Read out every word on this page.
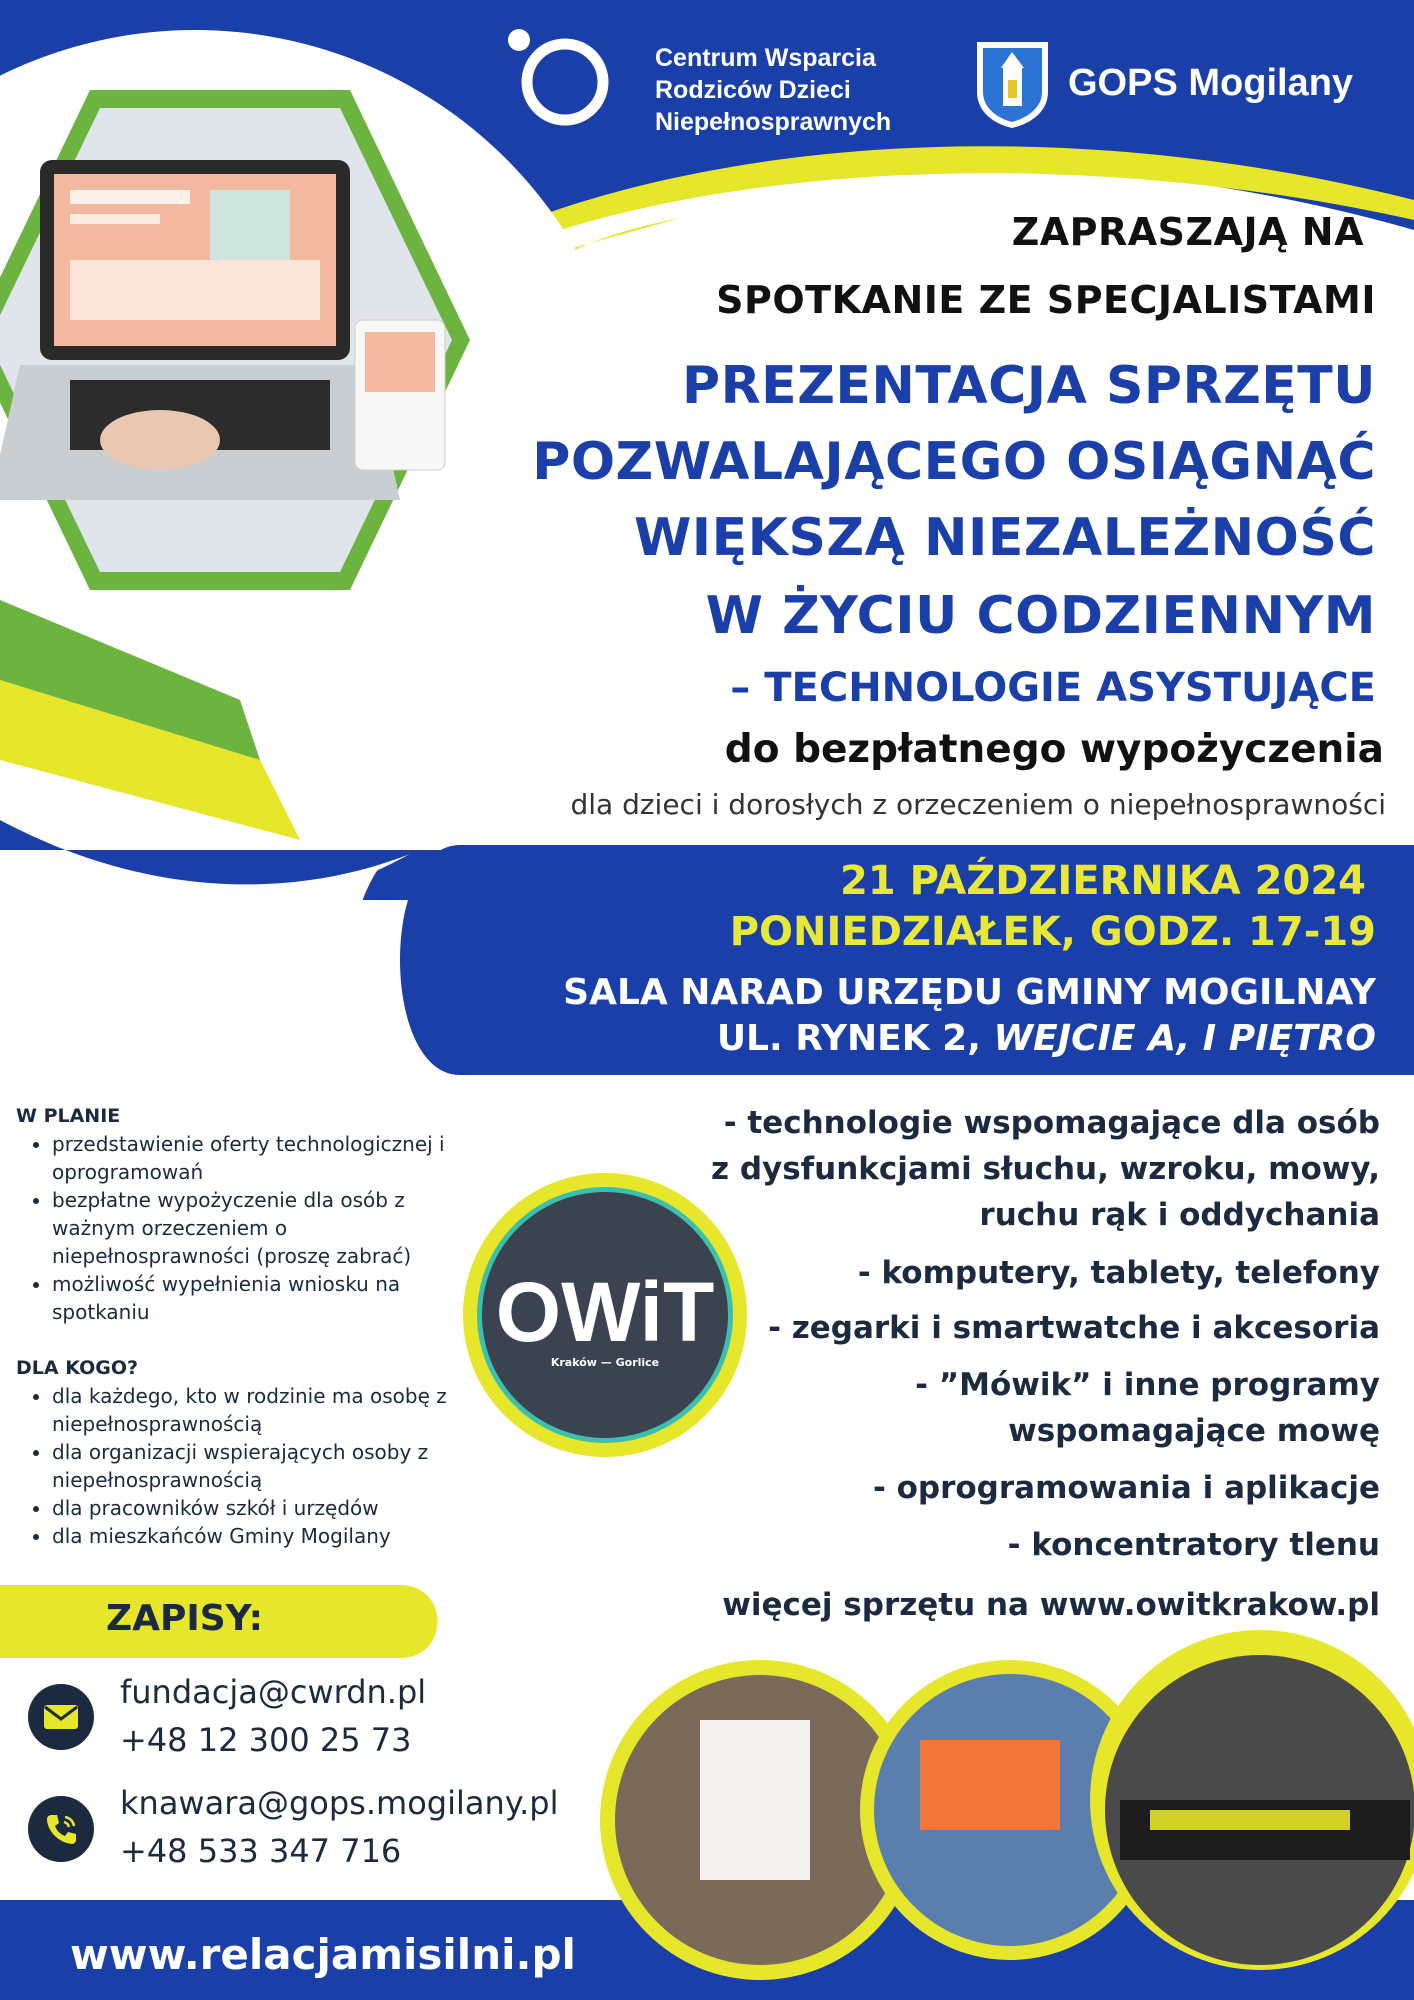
Centrum Wsparcia
Rodziców Dzieci
Niepełnosprawnych
GOPS Mogilany
ZAPRASZAJĄ NA
SPOTKANIE ZE SPECJALISTAMI
PREZENTACJA SPRZĘTU
POZWALAJĄCEGO OSIĄGNĄĆ
WIĘKSZĄ NIEZALEŻNOŚĆ
W ŻYCIU CODZIENNYM
– TECHNOLOGIE ASYSTUJĄCE
do bezpłatnego wypożyczenia
dla dzieci i dorosłych z orzeczeniem o niepełnosprawności
21 PAŹDZIERNIKA 2024
PONIEDZIAŁEK, GODZ. 17-19
SALA NARAD URZĘDU GMINY MOGILNAY
UL. RYNEK 2, WEJCIE A, I PIĘTRO
W PLANIE
• przedstawienie oferty technologicznej i oprogramowań
• bezpłatne wypożyczenie dla osób z ważnym orzeczeniem o niepełnosprawności (proszę zabrać)
• możliwość wypełnienia wniosku na spotkaniu
DLA KOGO?
• dla każdego, kto w rodzinie ma osobę z niepełnosprawnością
• dla organizacji wspierających osoby z niepełnosprawnością
• dla pracowników szkół i urzędów
• dla mieszkańców Gminy Mogilany
OWiT
Kraków — Gorlice
- technologie wspomagające dla osób z dysfunkcjami słuchu, wzroku, mowy, ruchu rąk i oddychania
- komputery, tablety, telefony
- zegarki i smartwatche i akcesoria
- ”Mówik” i inne programy wspomagające mowę
- oprogramowania i aplikacje
- koncentratory tlenu
więcej sprzętu na www.owitkrakow.pl
ZAPISY:
fundacja@cwrdn.pl
+48 12 300 25 73
knawara@gops.mogilany.pl
+48 533 347 716
www.relacjamisilni.pl
